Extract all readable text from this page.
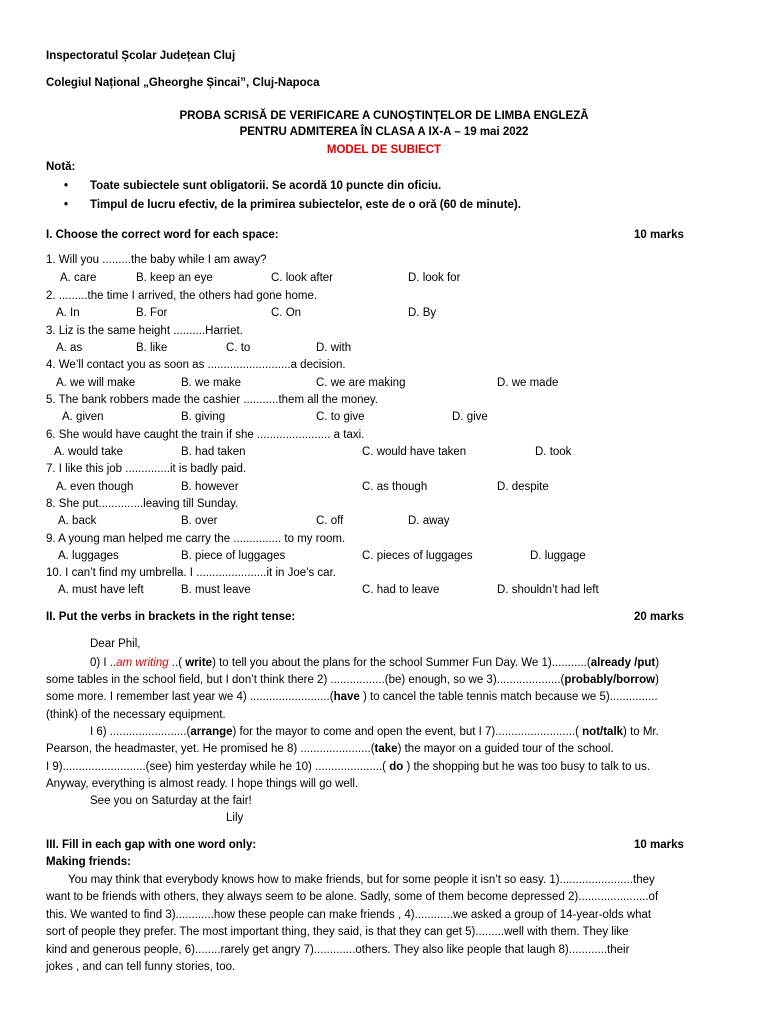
Inspectoratul Școlar Județean Cluj
Colegiul Național „Gheorghe Șincai”, Cluj-Napoca
PROBA SCRISĂ DE VERIFICARE A CUNOȘTINȚELOR DE LIMBA ENGLEZĂ
PENTRU ADMITEREA ÎN CLASA A IX-A – 19 mai 2022
MODEL DE SUBIECT
Notă:
• Toate subiectele sunt obligatorii. Se acordă 10 puncte din oficiu.
• Timpul de lucru efectiv, de la primirea subiectelor, este de o oră (60 de minute).
I. Choose the correct word for each space:	10 marks
1. Will you .........the baby while I am away?
A. care	B. keep an eye	C. look after	D. look for
2. .........the time I arrived, the others had gone home.
A. In	B. For	C. On	D. By
3. Liz is the same height ..........Harriet.
A. as	B. like	C. to	D. with
4. We’ll contact you as soon as ..........................a decision.
A. we will make	B. we make	C. we are making	D. we made
5. The bank robbers made the cashier ...........them all the money.
A. given	B. giving	C. to give	D. give
6. She would have caught the train if she ....................... a taxi.
A. would take	B. had taken	C. would have taken	D. took
7. I like this job ..............it is badly paid.
A. even though	B. however	C. as though	D. despite
8. She put..............leaving till Sunday.
A. back	B. over	C. off	D. away
9. A young man helped me carry the ............... to my room.
A. luggages	B. piece of luggages	C. pieces of luggages	D. luggage
10. I can’t find my umbrella. I ......................it in Joe’s car.
A. must have left	B. must leave	C. had to leave	D. shouldn’t had left
II. Put the verbs in brackets in the right tense:	20 marks
Dear Phil,
0) I ..am writing ..( write) to tell you about the plans for the school Summer Fun Day. We 1)...........(already /put)
some tables in the school field, but I don’t think there 2) .................(be) enough, so we 3)....................(probably/borrow)
some more. I remember last year we 4) .........................(have ) to cancel the table tennis match because we 5)...............
(think) of the necessary equipment.
I 6) ........................(arrange) for the mayor to come and open the event, but I 7).........................( not/talk) to Mr.
Pearson, the headmaster, yet. He promised he 8) ......................(take) the mayor on a guided tour of the school.
I 9)..........................(see) him yesterday while he 10) .....................( do ) the shopping but he was too busy to talk to us.
Anyway, everything is almost ready. I hope things will go well.
See you on Saturday at the fair!
Lily
III. Fill in each gap with one word only:	10 marks
Making friends:
You may think that everybody knows how to make friends, but for some people it isn’t so easy. 1).......................they
want to be friends with others, they always seem to be alone. Sadly, some of them become depressed 2)......................of
this. We wanted to find 3)............how these people can make friends , 4)............we asked a group of 14-year-olds what
sort of people they prefer. The most important thing, they said, is that they can get 5).........well with them. They like
kind and generous people, 6)........rarely get angry 7).............others. They also like people that laugh 8)............their
jokes , and can tell funny stories, too.
